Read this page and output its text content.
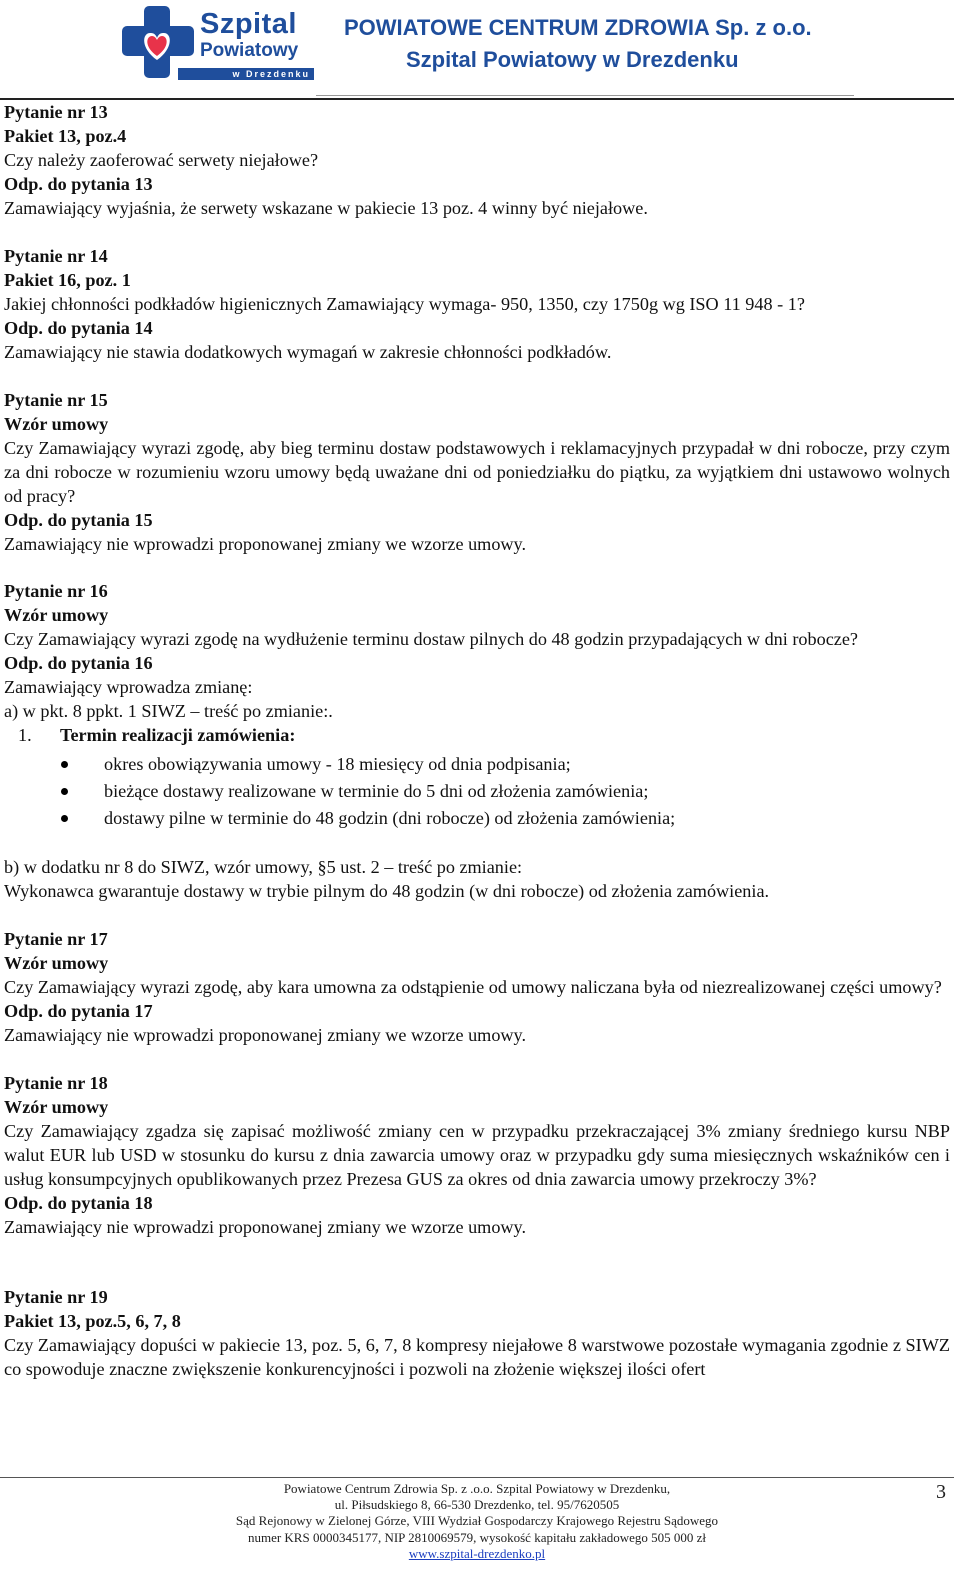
Szpital
Powiatowy
w Drezdenku
POWIATOWE CENTRUM ZDROWIA Sp. z o.o.
Szpital Powiatowy w Drezdenku

Pytanie nr 13

Pakiet 13, poz.4

Czy należy zaoferować serwety niejałowe?

Odp. do pytania 13

Zamawiający wyjaśnia, że serwety wskazane w pakiecie 13 poz. 4 winny być niejałowe.

Pytanie nr 14

Pakiet 16, poz. 1

Jakiej chłonności podkładów higienicznych Zamawiający wymaga- 950, 1350, czy 1750g wg ISO 11 948 - 1?

Odp. do pytania 14

Zamawiający nie stawia dodatkowych wymagań w zakresie chłonności podkładów.

Pytanie nr 15

Wzór umowy

Czy Zamawiający wyrazi zgodę, aby bieg terminu dostaw podstawowych i reklamacyjnych przypadał w dni robocze, przy czym za dni robocze w rozumieniu wzoru umowy będą uważane dni od poniedziałku do piątku, za wyjątkiem dni ustawowo wolnych od pracy?

Odp. do pytania 15

Zamawiający nie wprowadzi proponowanej zmiany we wzorze umowy.

Pytanie nr 16

Wzór umowy

Czy Zamawiający wyrazi zgodę na wydłużenie terminu dostaw pilnych do 48 godzin przypadających w dni robocze?

Odp. do pytania 16

Zamawiający wprowadza zmianę:

a) w pkt. 8 ppkt. 1 SIWZ – treść po zmianie:.

1. Termin realizacji zamówienia:

okres obowiązywania umowy - 18 miesięcy od dnia podpisania;
bieżące dostawy realizowane w terminie do 5 dni od złożenia zamówienia;
dostawy pilne w terminie do 48 godzin (dni robocze) od złożenia zamówienia;

b) w dodatku nr 8 do SIWZ, wzór umowy, §5 ust. 2 – treść po zmianie:

Wykonawca gwarantuje dostawy w trybie pilnym do 48 godzin (w dni robocze) od złożenia zamówienia.

Pytanie nr 17

Wzór umowy

Czy Zamawiający wyrazi zgodę, aby kara umowna za odstąpienie od umowy naliczana była od niezrealizowanej części umowy?

Odp. do pytania 17

Zamawiający nie wprowadzi proponowanej zmiany we wzorze umowy.

Pytanie nr 18

Wzór umowy

Czy Zamawiający zgadza się zapisać możliwość zmiany cen w przypadku przekraczającej 3% zmiany średniego kursu NBP walut EUR lub USD w stosunku do kursu z dnia zawarcia umowy oraz w przypadku gdy suma miesięcznych wskaźników cen i usług konsumpcyjnych opublikowanych przez Prezesa GUS za okres od dnia zawarcia umowy przekroczy 3%?

Odp. do pytania 18

Zamawiający nie wprowadzi proponowanej zmiany we wzorze umowy.

Pytanie nr 19

Pakiet 13, poz.5, 6, 7, 8

Czy Zamawiający dopuści w pakiecie 13, poz. 5, 6, 7, 8 kompresy niejałowe 8 warstwowe pozostałe wymagania zgodnie z SIWZ co spowoduje znaczne zwiększenie konkurencyjności i pozwoli na złożenie większej ilości ofert

Powiatowe Centrum Zdrowia Sp. z .o.o. Szpital Powiatowy w Drezdenku,
ul. Piłsudskiego 8, 66-530 Drezdenko, tel. 95/7620505
Sąd Rejonowy w Zielonej Górze, VIII Wydział Gospodarczy Krajowego Rejestru Sądowego
numer KRS 0000345177, NIP 2810069579, wysokość kapitału zakładowego 505 000 zł
www.szpital-drezdenko.pl
3
